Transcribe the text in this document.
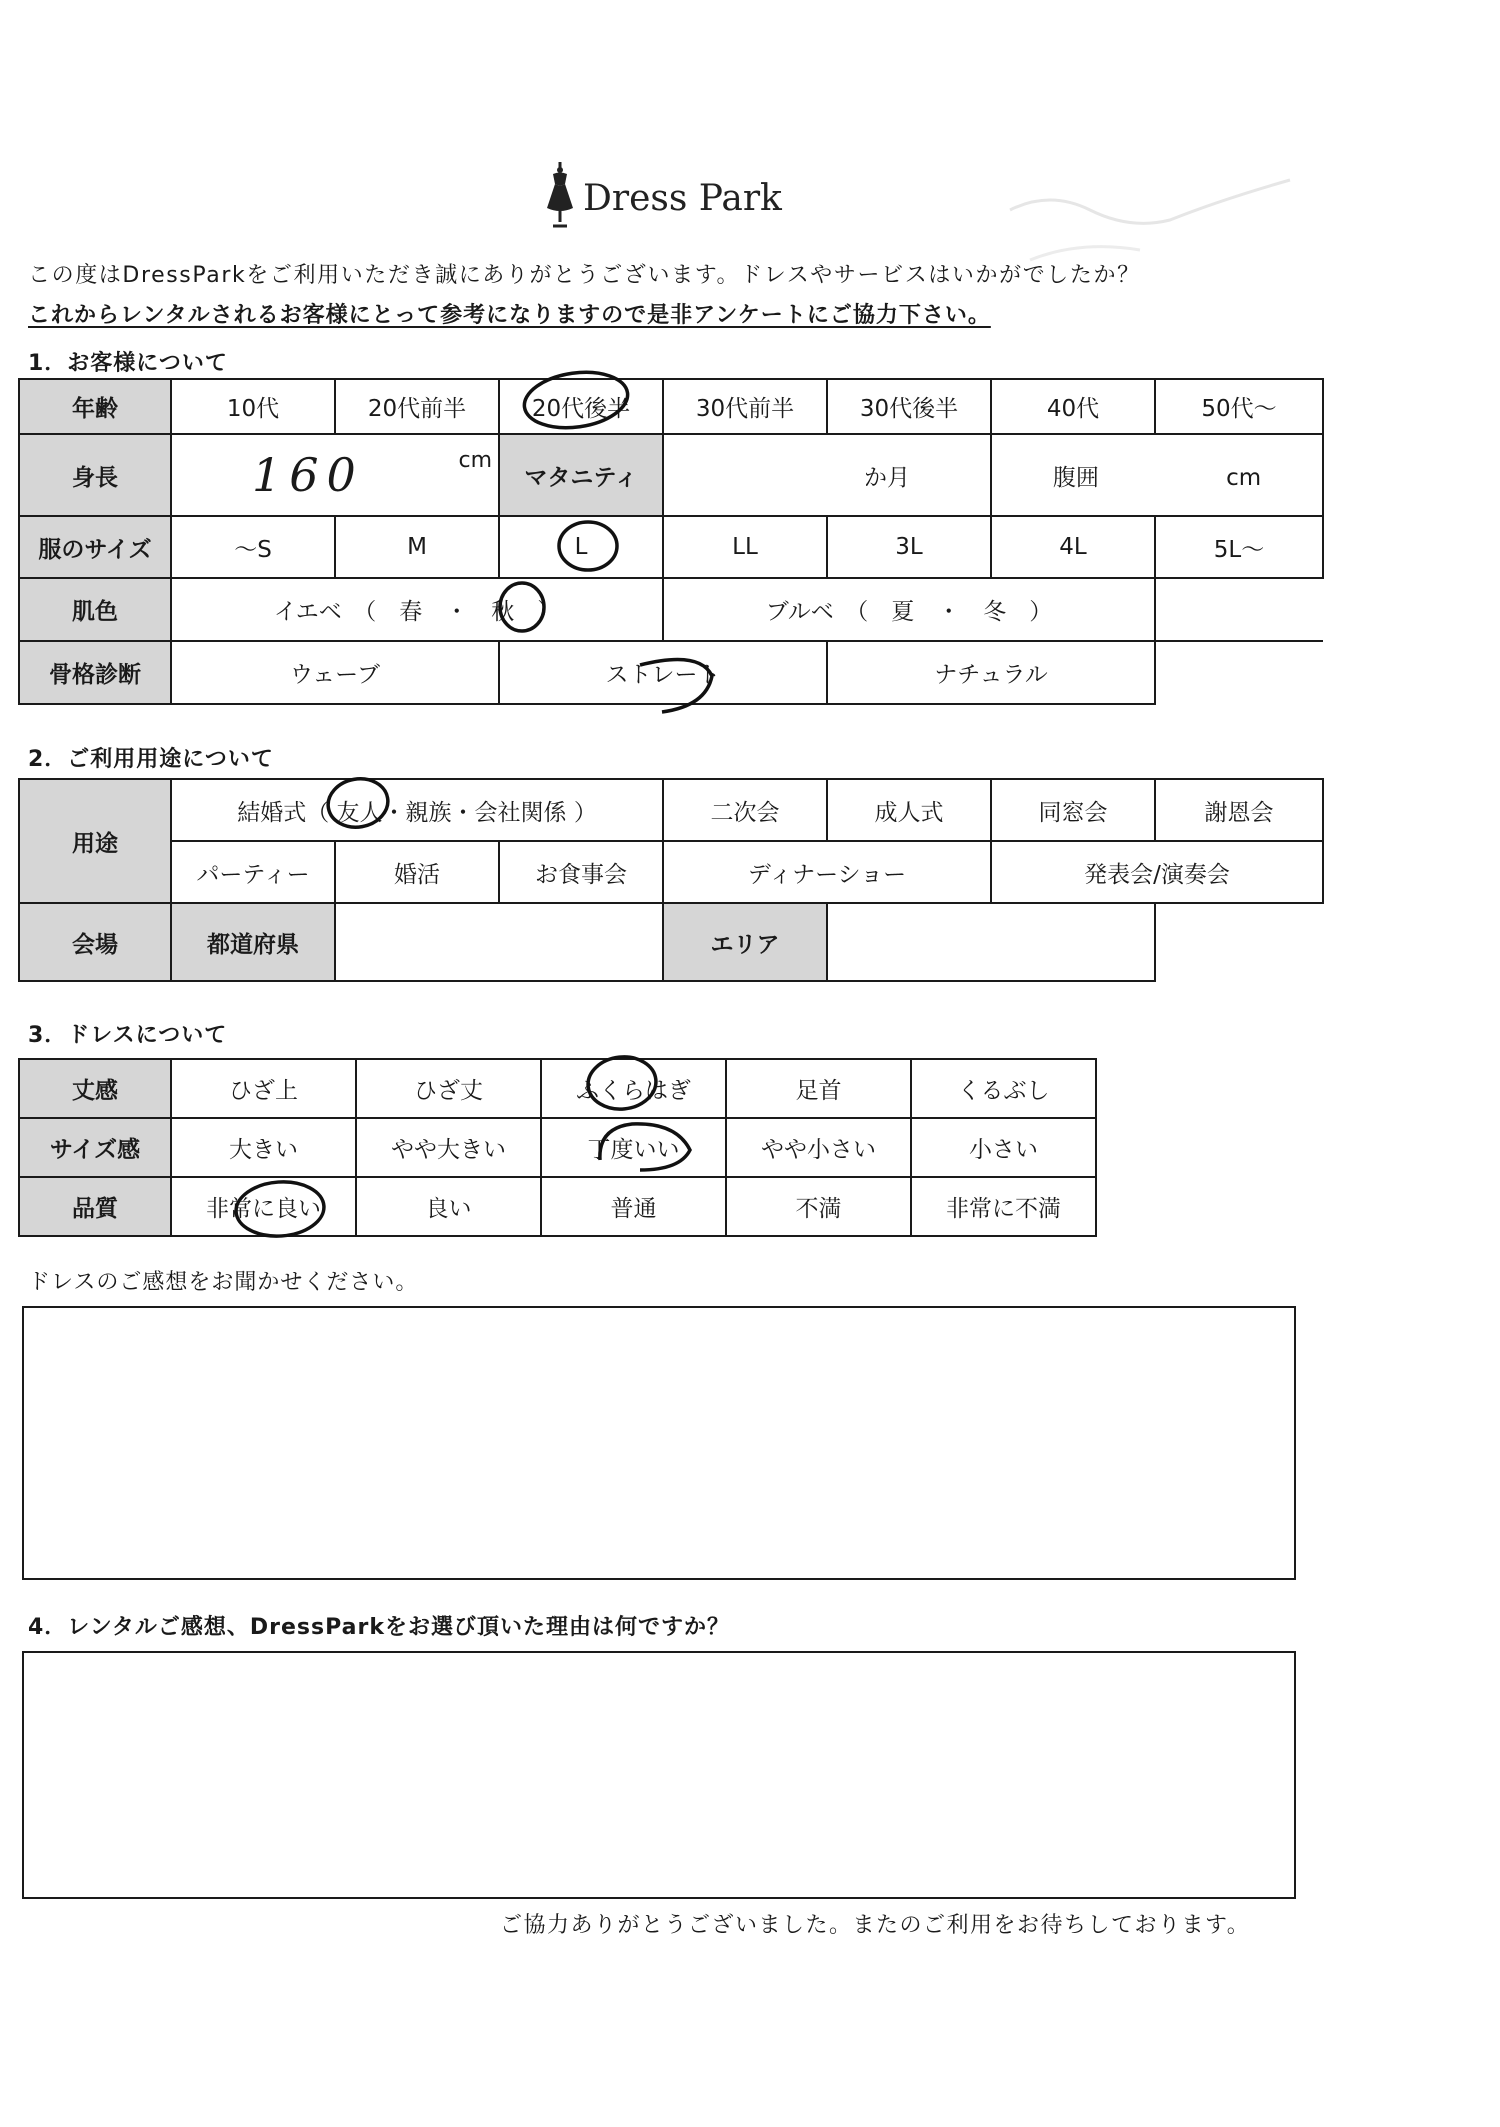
Dress Park
この度はDressParkをご利用いただき誠にありがとうございます。ドレスやサービスはいかがでしたか？
これからレンタルされるお客様にとって参考になりますので是非アンケートにご協力下さい。
1．お客様について
年齢	10代	20代前半	20代後半	30代前半	30代後半	40代	50代～
身長	160 cm		マタニティ	か月		腹囲 cm	
服のサイズ	～S	M	L	LL	3L	4L	5L～
肌色	イエベ　（　春　・　秋　）			ブルベ　（　夏　・　冬　）			
骨格診断	ウェーブ		ストレート		ナチュラル		
2．ご利用用途について
用途	結婚式（ 友人・親族・会社関係 ）			二次会	成人式	同窓会	謝恩会
	パーティー	婚活	お食事会	ディナーショー		発表会/演奏会	
会場	都道府県			エリア			
3．ドレスについて
丈感	ひざ上	ひざ丈	ふくらはぎ	足首	くるぶし
サイズ感	大きい	やや大きい	丁度いい	やや小さい	小さい
品質	非常に良い	良い	普通	不満	非常に不満
ドレスのご感想をお聞かせください。
4．レンタルご感想、DressParkをお選び頂いた理由は何ですか？
ご協力ありがとうございました。またのご利用をお待ちしております。
